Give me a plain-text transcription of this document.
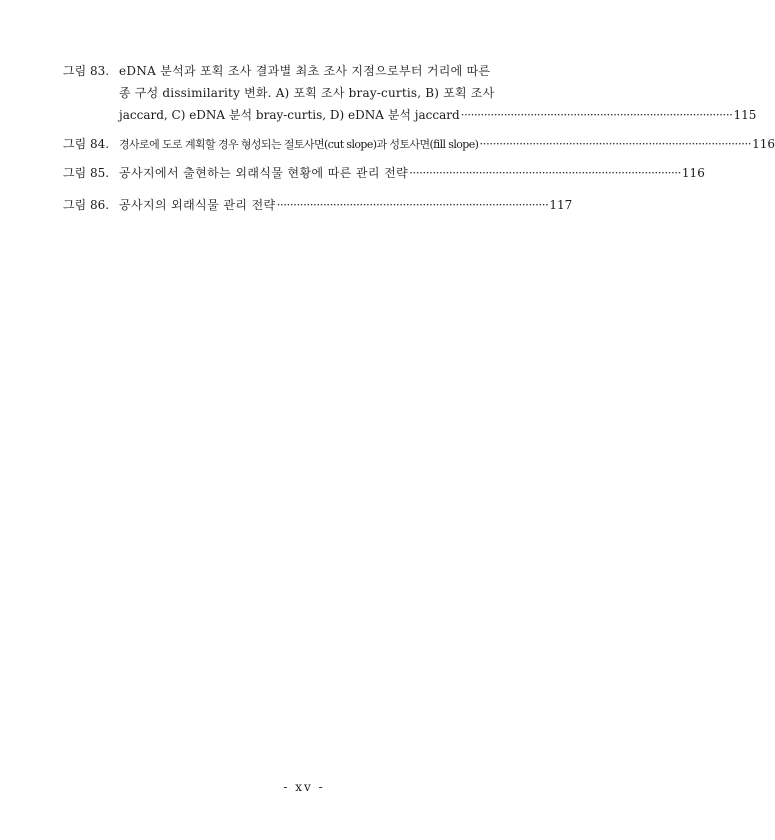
그림 83. eDNA 분석과 포획 조사 결과별 최초 조사 지점으로부터 거리에 따른
종 구성 dissimilarity 변화. A) 포획 조사 bray-curtis, B) 포획 조사
jaccard, C) eDNA 분석 bray-curtis, D) eDNA 분석 jaccard ·················································································· 115
그림 84. 경사로에 도로 계획할 경우 형성되는 절토사면(cut slope)과 성토사면(fill slope) ·················································································· 116
그림 85. 공사지에서 출현하는 외래식물 현황에 따른 관리 전략 ·················································································· 116
그림 86. 공사지의 외래식물 관리 전략 ·················································································· 117
- xv -
